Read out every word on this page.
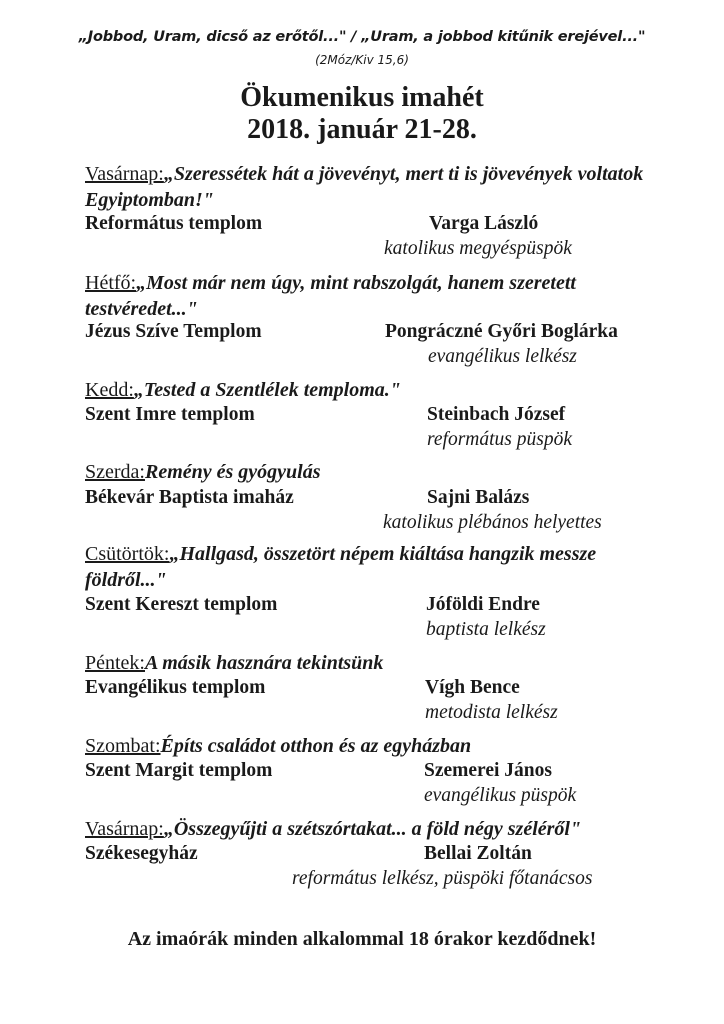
„Jobbod, Uram, dicső az erőtől..." / „Uram, a jobbod kitűnik erejével..."
(2Móz/Kiv 15,6)
Ökumenikus imahét
2018. január 21-28.
Vasárnap:„Szeressétek hát a jövevényt, mert ti is jövevények voltatok Egyiptomban!"
Református templom	Varga László
katolikus megyéspüspök
Hétfő:„Most már nem úgy, mint rabszolgát, hanem szeretett testvéredet..."
Jézus Szíve Templom	Pongráczné Győri Boglárka
evangélikus lelkész
Kedd:„Tested a Szentlélek temploma."
Szent Imre templom	Steinbach József
református püspök
Szerda:Remény és gyógyulás
Békevár Baptista imaház	Sajni Balázs
katolikus plébános helyettes
Csütörtök:„Hallgasd, összetört népem kiáltása hangzik messze földről..."
Szent Kereszt templom	Jóföldi Endre
baptista lelkész
Péntek:A másik hasznára tekintsünk
Evangélikus templom	Vígh Bence
metodista lelkész
Szombat:Építs családot otthon és az egyházban
Szent Margit templom	Szemerei János
evangélikus püspök
Vasárnap:„Összegyűjti a szétszórtakat... a föld négy széléről"
Székesegyház	Bellai Zoltán
református lelkész, püspöki főtanácsos
Az imaórák minden alkalommal 18 órakor kezdődnek!
